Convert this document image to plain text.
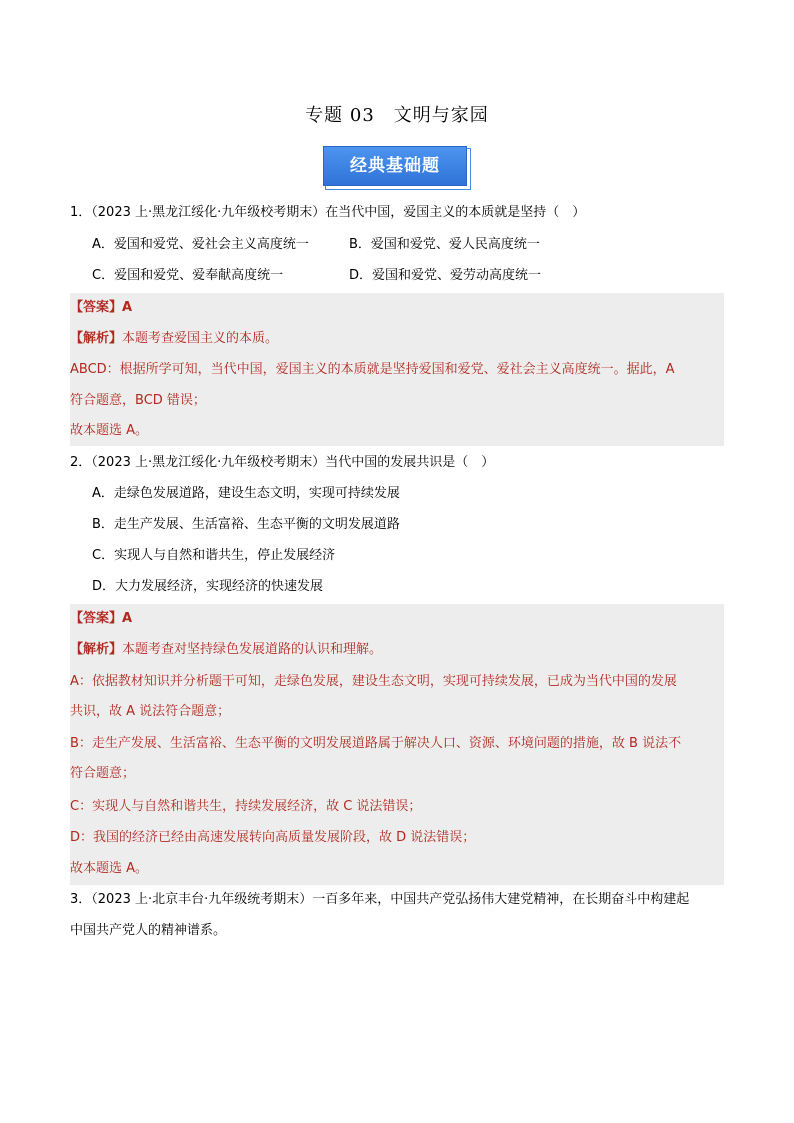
专题 03　文明与家园
经典基础题
1．（2023 上·黑龙江绥化·九年级校考期末）在当代中国，爱国主义的本质就是坚持（　）
A．爱国和爱党、爱社会主义高度统一	B．爱国和爱党、爱人民高度统一
C．爱国和爱党、爱奉献高度统一	D．爱国和爱党、爱劳动高度统一
【答案】A
【解析】本题考查爱国主义的本质。
ABCD：根据所学可知，当代中国，爱国主义的本质就是坚持爱国和爱党、爱社会主义高度统一。据此，A
符合题意，BCD 错误；
故本题选 A。
2．（2023 上·黑龙江绥化·九年级校考期末）当代中国的发展共识是（　）
A．走绿色发展道路，建设生态文明，实现可持续发展
B．走生产发展、生活富裕、生态平衡的文明发展道路
C．实现人与自然和谐共生，停止发展经济
D．大力发展经济，实现经济的快速发展
【答案】A
【解析】本题考查对坚持绿色发展道路的认识和理解。
A：依据教材知识并分析题干可知，走绿色发展，建设生态文明，实现可持续发展，已成为当代中国的发展
共识，故 A 说法符合题意；
B：走生产发展、生活富裕、生态平衡的文明发展道路属于解决人口、资源、环境问题的措施，故 B 说法不
符合题意；
C：实现人与自然和谐共生，持续发展经济，故 C 说法错误；
D：我国的经济已经由高速发展转向高质量发展阶段，故 D 说法错误；
故本题选 A。
3．（2023 上·北京丰台·九年级统考期末）一百多年来，中国共产党弘扬伟大建党精神，在长期奋斗中构建起
中国共产党人的精神谱系。
